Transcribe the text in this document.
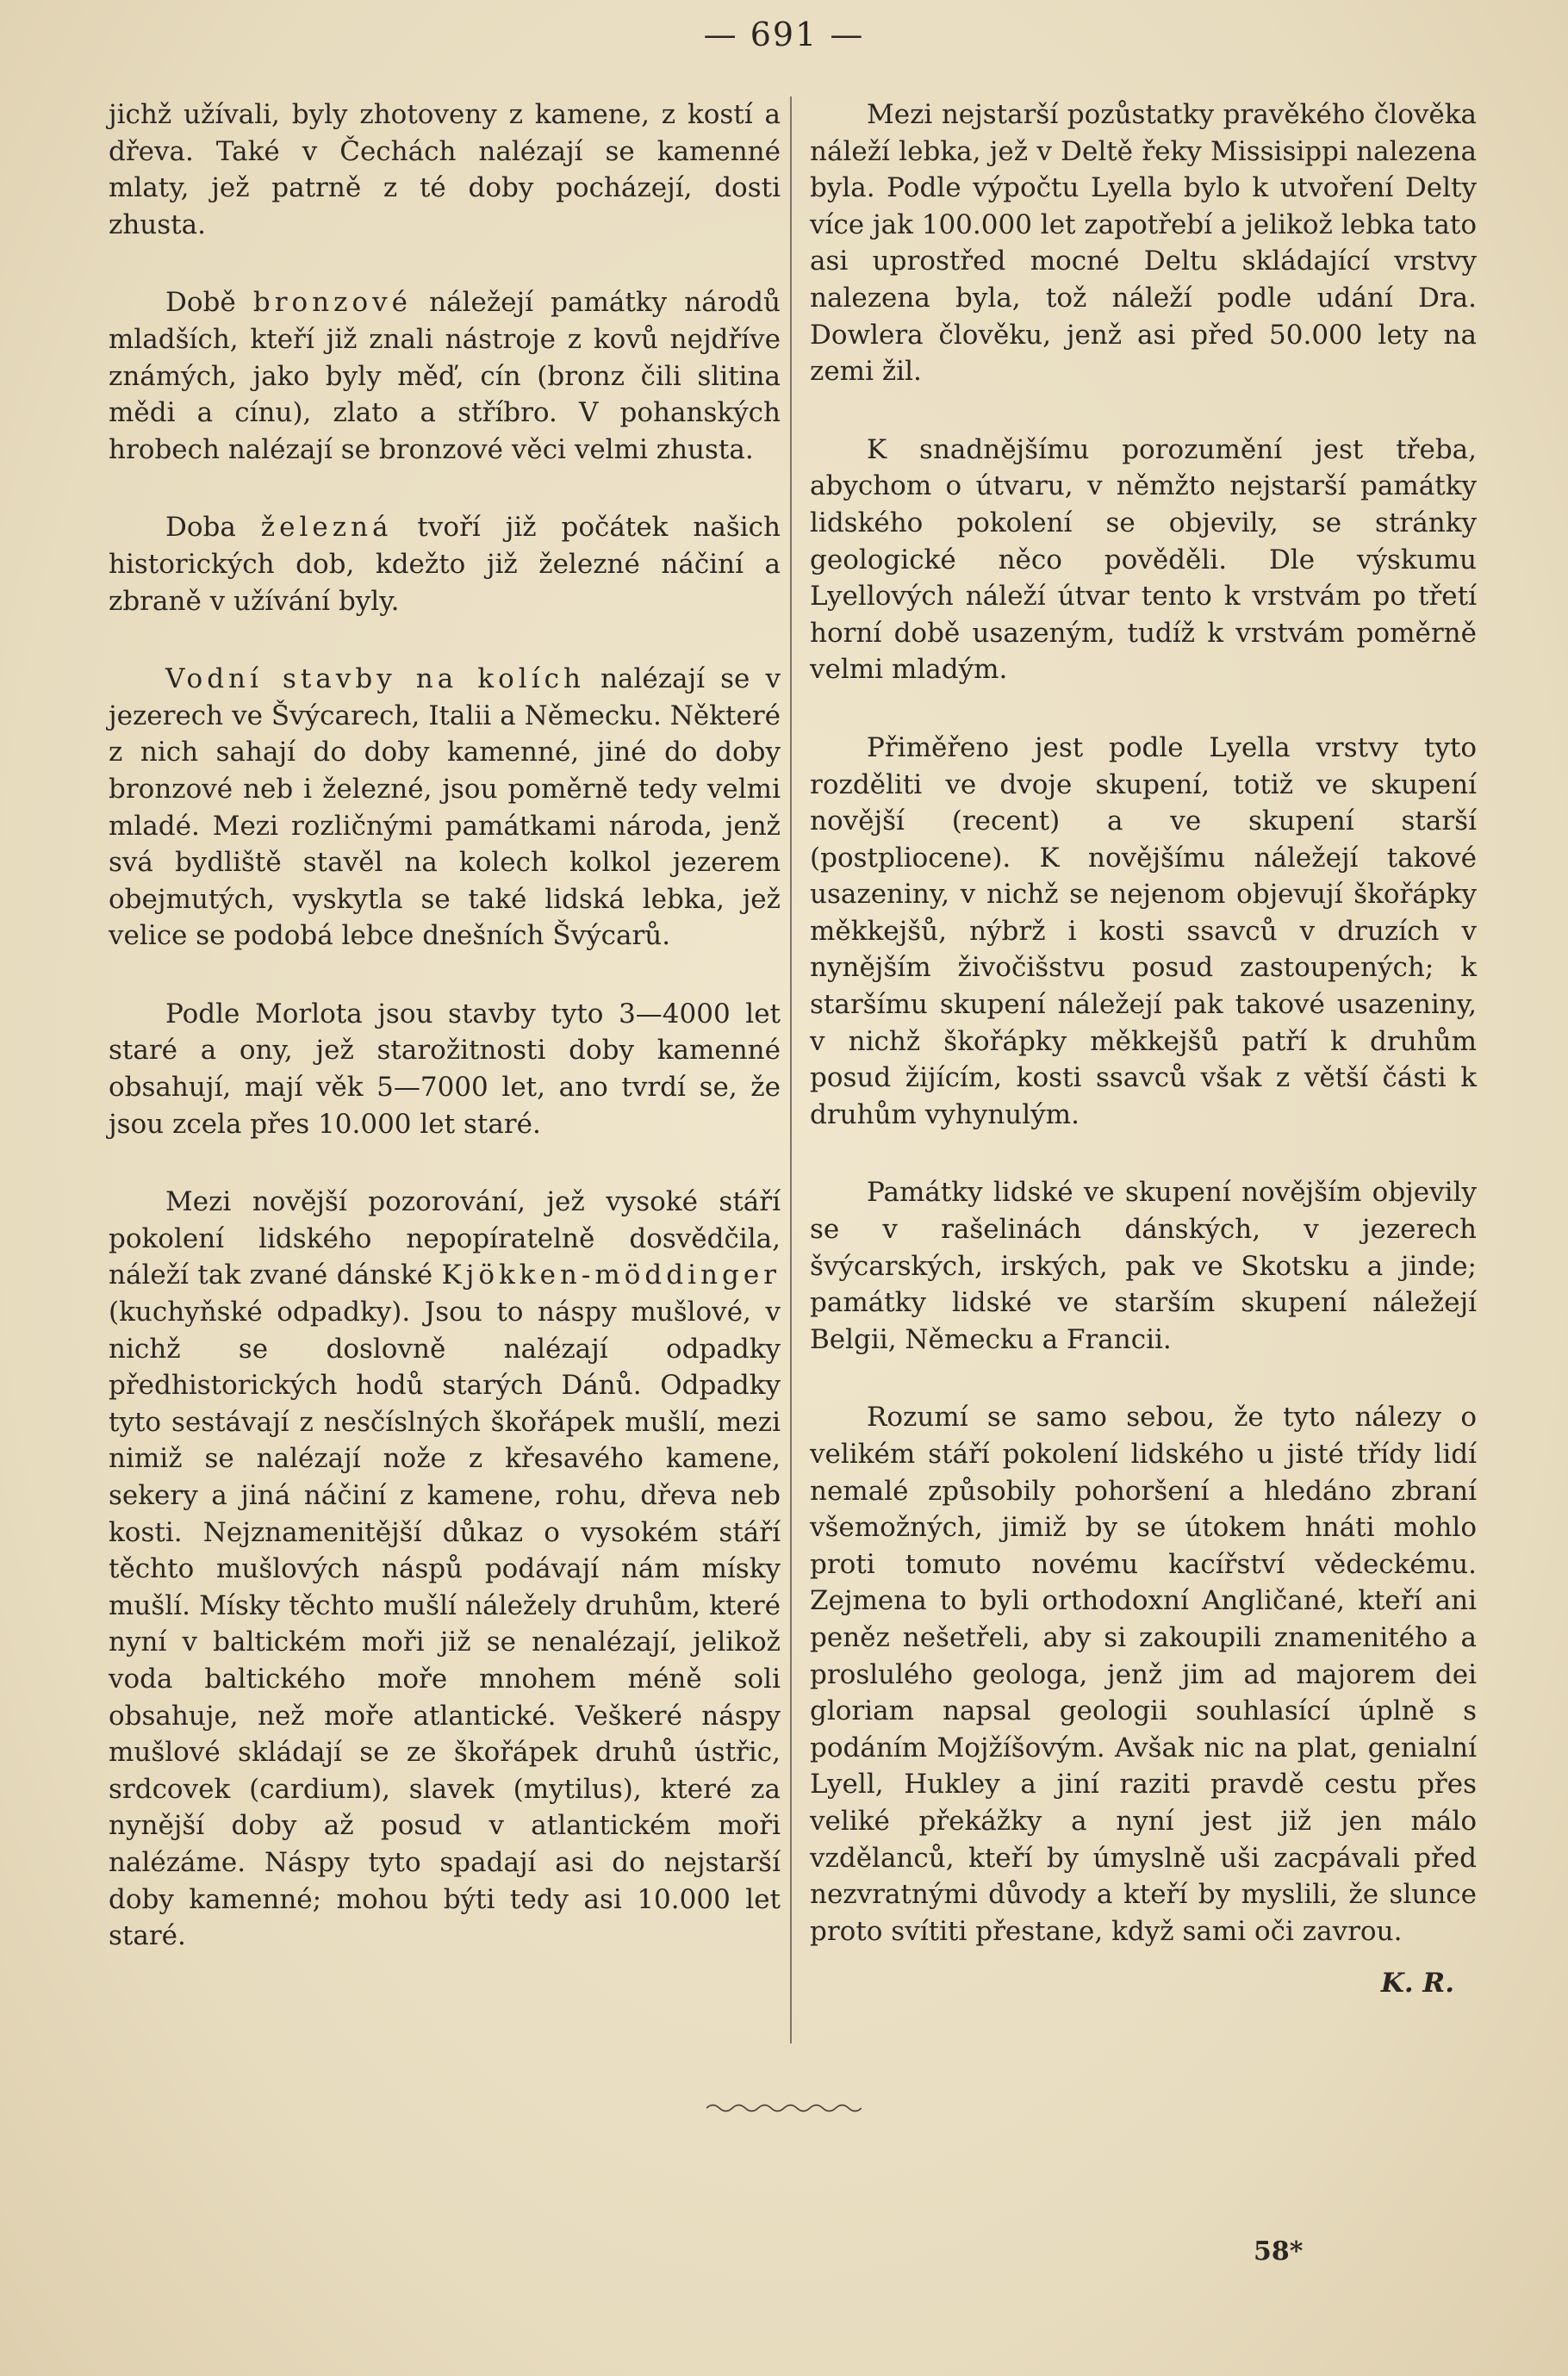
— 691 —

jichž užívali, byly zhotoveny z kamene, z kostí a dřeva. Také v Čechách nalézají se kamenné mlaty, jež patrně z té doby pocházejí, dosti zhusta.

Době bronzové náležejí památky národů mladších, kteří již znali nástroje z kovů nejdříve známých, jako byly měď, cín (bronz čili slitina mědi a cínu), zlato a stříbro. V pohanských hrobech nalézají se bronzové věci velmi zhusta.

Doba železná tvoří již počátek našich historických dob, kdežto již železné náčiní a zbraně v užívání byly.

Vodní stavby na kolích nalézají se v jezerech ve Švýcarech, Italii a Německu. Některé z nich sahají do doby kamenné, jiné do doby bronzové neb i železné, jsou poměrně tedy velmi mladé. Mezi rozličnými památkami národa, jenž svá bydliště stavěl na kolech kolkol jezerem obejmutých, vyskytla se také lidská lebka, jež velice se podobá lebce dnešních Švýcarů.

Podle Morlota jsou stavby tyto 3—4000 let staré a ony, jež starožitnosti doby kamenné obsahují, mají věk 5—7000 let, ano tvrdí se, že jsou zcela přes 10.000 let staré.

Mezi novější pozorování, jež vysoké stáří pokolení lidského nepopíratelně dosvědčila, náleží tak zvané dánské Kjökken-möddinger (kuchyňské odpadky). Jsou to náspy mušlové, v nichž se doslovně nalézají odpadky předhistorických hodů starých Dánů. Odpadky tyto sestávají z nesčíslných škořápek mušlí, mezi nimiž se nalézají nože z křesavého kamene, sekery a jiná náčiní z kamene, rohu, dřeva neb kosti. Nejznamenitější důkaz o vysokém stáří těchto mušlových náspů podávají nám mísky mušlí. Mísky těchto mušlí náležely druhům, které nyní v baltickém moři již se nenalézají, jelikož voda baltického moře mnohem méně soli obsahuje, než moře atlantické. Veškeré náspy mušlové skládají se ze škořápek druhů ústřic, srdcovek (cardium), slavek (mytilus), které za nynější doby až posud v atlantickém moři nalézáme. Náspy tyto spadají asi do nejstarší doby kamenné; mohou býti tedy asi 10.000 let staré.

Mezi nejstarší pozůstatky pravěkého člověka náleží lebka, jež v Deltě řeky Missisippi nalezena byla. Podle výpočtu Lyella bylo k utvoření Delty více jak 100.000 let zapotřebí a jelikož lebka tato asi uprostřed mocné Deltu skládající vrstvy nalezena byla, tož náleží podle udání Dra. Dowlera člověku, jenž asi před 50.000 lety na zemi žil.

K snadnějšímu porozumění jest třeba, abychom o útvaru, v němžto nejstarší památky lidského pokolení se objevily, se stránky geologické něco pověděli. Dle výskumu Lyellových náleží útvar tento k vrstvám po třetí horní době usazeným, tudíž k vrstvám poměrně velmi mladým.

Přiměřeno jest podle Lyella vrstvy tyto rozděliti ve dvoje skupení, totiž ve skupení novější (recent) a ve skupení starší (postpliocene). K novějšímu náležejí takové usazeniny, v nichž se nejenom objevují škořápky měkkejšů, nýbrž i kosti ssavců v druzích v nynějším živočišstvu posud zastoupených; k staršímu skupení náležejí pak takové usazeniny, v nichž škořápky měkkejšů patří k druhům posud žijícím, kosti ssavců však z větší části k druhům vyhynulým.

Památky lidské ve skupení novějším objevily se v rašelinách dánských, v jezerech švýcarských, irských, pak ve Skotsku a jinde; památky lidské ve starším skupení náležejí Belgii, Německu a Francii.

Rozumí se samo sebou, že tyto nálezy o velikém stáří pokolení lidského u jisté třídy lidí nemalé způsobily pohoršení a hledáno zbraní všemožných, jimiž by se útokem hnáti mohlo proti tomuto novému kacířství vědeckému. Zejmena to byli orthodoxní Angličané, kteří ani peněz nešetřeli, aby si zakoupili znamenitého a proslulého geologa, jenž jim ad majorem dei gloriam napsal geologii souhlasící úplně s podáním Mojžíšovým. Avšak nic na plat, genialní Lyell, Hukley a jiní raziti pravdě cestu přes veliké překážky a nyní jest již jen málo vzdělanců, kteří by úmyslně uši zacpávali před nezvratnými důvody a kteří by myslili, že slunce proto svítiti přestane, když sami oči zavrou.

K. R.

58*
